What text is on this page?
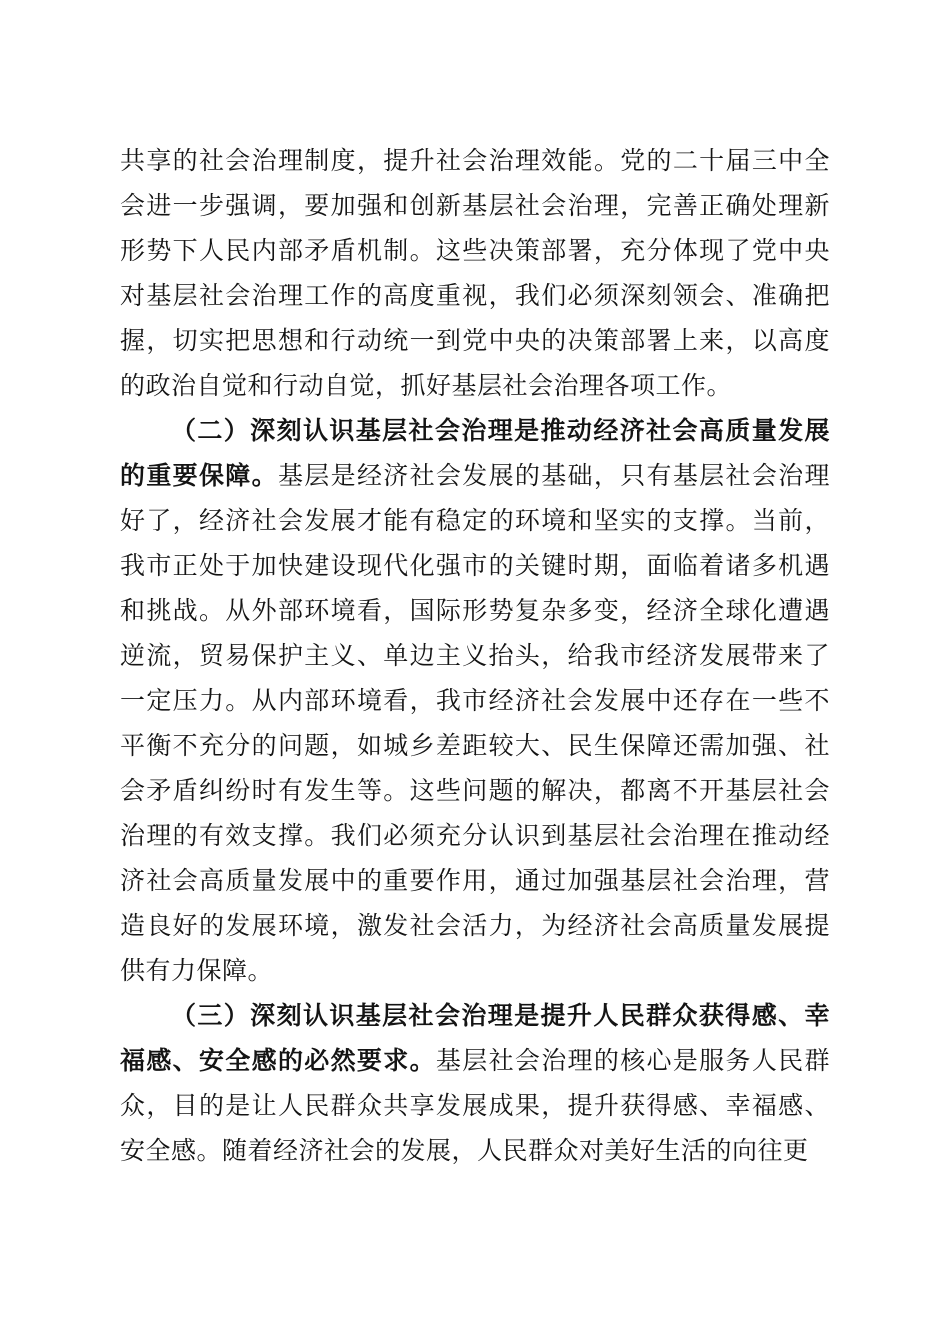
共享的社会治理制度，提升社会治理效能。党的二十届三中全会进一步强调，要加强和创新基层社会治理，完善正确处理新形势下人民内部矛盾机制。这些决策部署，充分体现了党中央对基层社会治理工作的高度重视，我们必须深刻领会、准确把握，切实把思想和行动统一到党中央的决策部署上来，以高度的政治自觉和行动自觉，抓好基层社会治理各项工作。

（二）深刻认识基层社会治理是推动经济社会高质量发展的重要保障。基层是经济社会发展的基础，只有基层社会治理好了，经济社会发展才能有稳定的环境和坚实的支撑。当前，我市正处于加快建设现代化强市的关键时期，面临着诸多机遇和挑战。从外部环境看，国际形势复杂多变，经济全球化遭遇逆流，贸易保护主义、单边主义抬头，给我市经济发展带来了一定压力。从内部环境看，我市经济社会发展中还存在一些不平衡不充分的问题，如城乡差距较大、民生保障还需加强、社会矛盾纠纷时有发生等。这些问题的解决，都离不开基层社会治理的有效支撑。我们必须充分认识到基层社会治理在推动经济社会高质量发展中的重要作用，通过加强基层社会治理，营造良好的发展环境，激发社会活力，为经济社会高质量发展提供有力保障。

（三）深刻认识基层社会治理是提升人民群众获得感、幸福感、安全感的必然要求。基层社会治理的核心是服务人民群众，目的是让人民群众共享发展成果，提升获得感、幸福感、安全感。随着经济社会的发展，人民群众对美好生活的向往更
